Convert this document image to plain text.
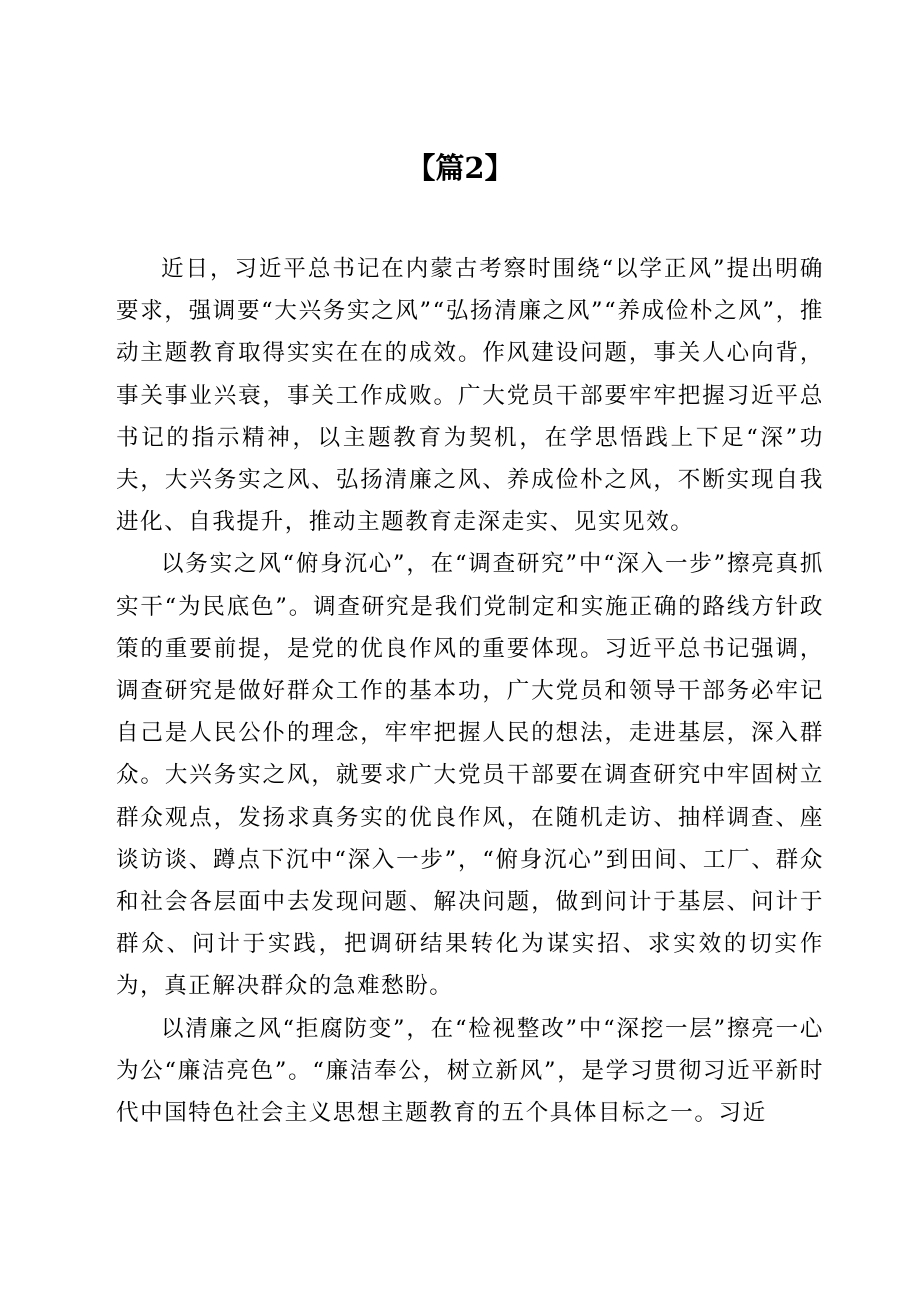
【篇2】

近日，习近平总书记在内蒙古考察时围绕“以学正风”提出明确要求，强调要“大兴务实之风”“弘扬清廉之风”“养成俭朴之风”，推动主题教育取得实实在在的成效。作风建设问题，事关人心向背，事关事业兴衰，事关工作成败。广大党员干部要牢牢把握习近平总书记的指示精神，以主题教育为契机，在学思悟践上下足“深”功夫，大兴务实之风、弘扬清廉之风、养成俭朴之风，不断实现自我进化、自我提升，推动主题教育走深走实、见实见效。

以务实之风“俯身沉心”，在“调查研究”中“深入一步”擦亮真抓实干“为民底色”。调查研究是我们党制定和实施正确的路线方针政策的重要前提，是党的优良作风的重要体现。习近平总书记强调，调查研究是做好群众工作的基本功，广大党员和领导干部务必牢记自己是人民公仆的理念，牢牢把握人民的想法，走进基层，深入群众。大兴务实之风，就要求广大党员干部要在调查研究中牢固树立群众观点，发扬求真务实的优良作风，在随机走访、抽样调查、座谈访谈、蹲点下沉中“深入一步”，“俯身沉心”到田间、工厂、群众和社会各层面中去发现问题、解决问题，做到问计于基层、问计于群众、问计于实践，把调研结果转化为谋实招、求实效的切实作为，真正解决群众的急难愁盼。

以清廉之风“拒腐防变”，在“检视整改”中“深挖一层”擦亮一心为公“廉洁亮色”。“廉洁奉公，树立新风”，是学习贯彻习近平新时代中国特色社会主义思想主题教育的五个具体目标之一。习近
